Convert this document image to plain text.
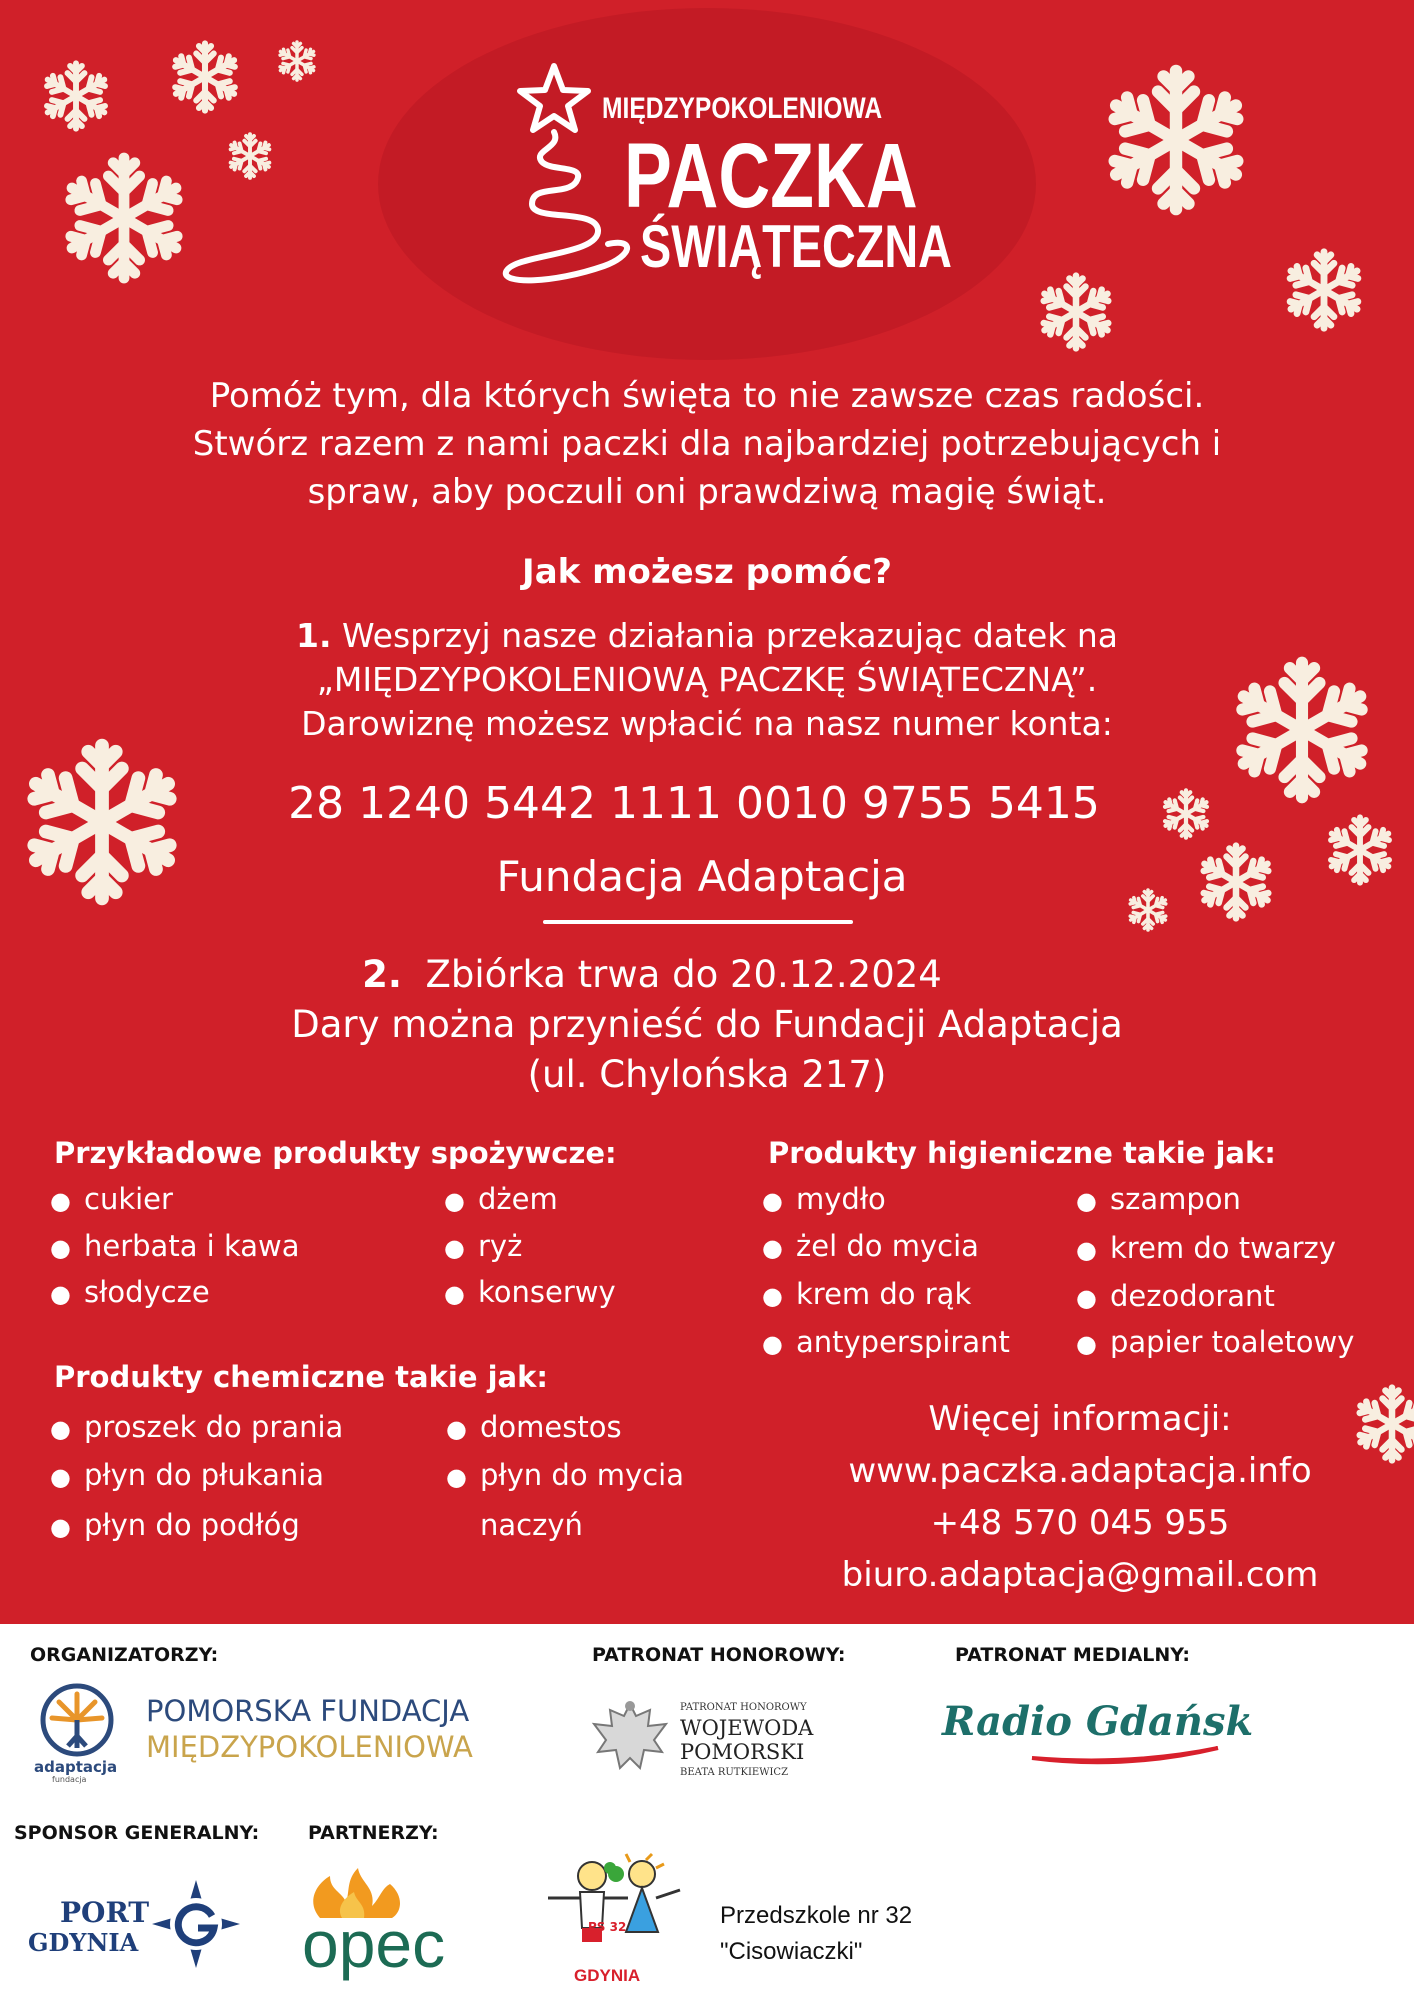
MIĘDZYPOKOLENIOWA
PACZKA
ŚWIĄTECZNA
Pomóż tym, dla których święta to nie zawsze czas radości.
Stwórz razem z nami paczki dla najbardziej potrzebujących i
spraw, aby poczuli oni prawdziwą magię świąt.
Jak możesz pomóc?
1. Wesprzyj nasze działania przekazując datek na
„MIĘDZYPOKOLENIOWĄ PACZKĘ ŚWIĄTECZNĄ”.
Darowiznę możesz wpłacić na nasz numer konta:
28 1240 5442 1111 0010 9755 5415
Fundacja Adaptacja
2. Zbiórka trwa do 20.12.2024
Dary można przynieść do Fundacji Adaptacja
(ul. Chylońska 217)
Przykładowe produkty spożywcze:
● cukier
● herbata i kawa
● słodycze
● dżem
● ryż
● konserwy
Produkty higieniczne takie jak:
● mydło
● żel do mycia
● krem do rąk
● antyperspirant
● szampon
● krem do twarzy
● dezodorant
● papier toaletowy
Produkty chemiczne takie jak:
● proszek do prania
● płyn do płukania
● płyn do podłóg
● domestos
● płyn do mycia
naczyń
Więcej informacji:
www.paczka.adaptacja.info
+48 570 045 955
biuro.adaptacja@gmail.com
ORGANIZATORZY:	PATRONAT HONOROWY:	PATRONAT MEDIALNY:
adaptacja
fundacja
POMORSKA FUNDACJA
MIĘDZYPOKOLENIOWA
PATRONAT HONOROWY
WOJEWODA
POMORSKI
BEATA RUTKIEWICZ
Radio Gdańsk
SPONSOR GENERALNY:	PARTNERZY:
PORT
GDYNIA opec	PS 32
GDYNIA
Przedszkole nr 32
"Cisowiaczki"
